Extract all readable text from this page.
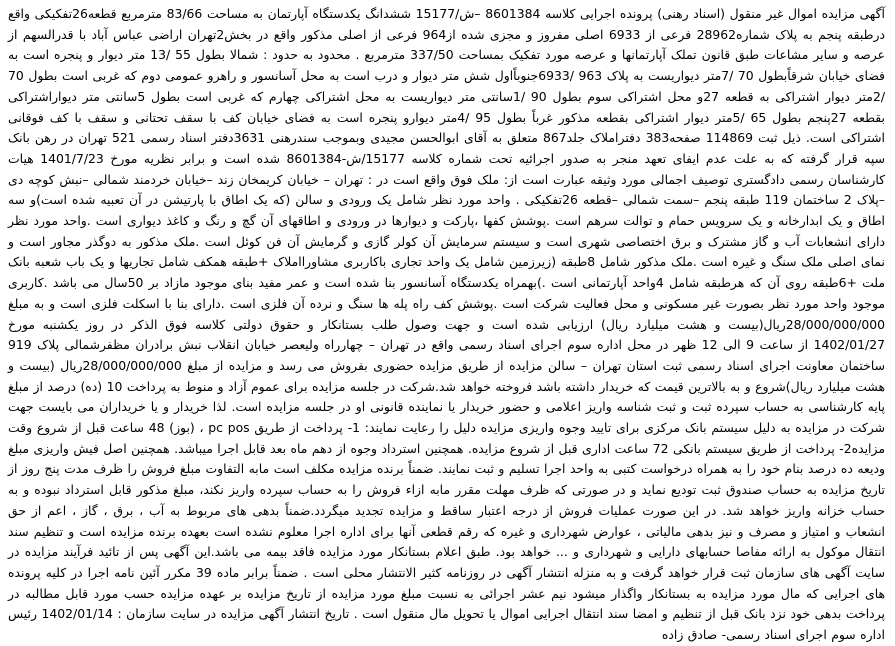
آگهی مزایده اموال غیر منقول (اسناد رهنی) پرونده اجرایی کلاسه 8601384 –ش/15177 ششدانگ یکدستگاه آپارتمان به مساحت 83/66 مترمربع قطعه26تفکیکی واقع درطبقه پنجم به پلاک شماره28962 فرعی از 6933 اصلی مفروز و مجزی شده از964 فرعی از اصلی مذکور واقع در بخش2تهران اراضی عباس آباد با قدرالسهم از عرصه و سایر مشاعات طبق قانون تملک آپارتمانها و عرصه مورد تفکیک بمساحت 337/50 مترمربع . محدود به حدود : شمالا بطول 55 /13 متر دیوار و پنجره است به فضای خیابان شرقاًبطول 70 /7متر دیواریست به پلاک 963 /6933جنوباًاول شش متر دیوار و درب است به محل آسانسور و راهرو عمومی دوم که غربی است بطول 70 /2متر دیوار اشتراکی به قطعه 27و محل اشتراکی سوم بطول 90 /1سانتی متر دیواریست به محل اشتراکی چهارم که غربی است بطول 5سانتی متر دیواراشتراکی بقطعه 27پنجم بطول 65 /5متر دیوار اشتراکی بقطعه مذکور غرباً بطول 95 /4متر دیوارو پنجره است به فضای خیابان کف با سقف تحتانی و سقف با کف فوقانی اشتراکی است. ذیل ثبت 114869 صفحه383 دفتراملاک جلد867 متعلق به آقای ابوالحسن مجیدی وبموجب سندرهنی 3631دفتر اسناد رسمی 521 تهران در رهن بانک سپه قرار گرفته که به علت عدم ایفای تعهد منجر به صدور اجرائیه تحت شماره کلاسه 15177/ش-8601384 شده است و برابر نظریه مورخ 1401/7/23 هیات کارشناسان رسمی دادگستری توصیف اجمالی مورد وثیقه عبارت است از: ملک فوق واقع است در : تهران – خیابان کریمخان زند –خیابان خردمند شمالی –نبش کوچه دی –پلاک 2 ساختمان 119 طبقه پنجم –سمت شمالی –قطعه 26تفکیکی . واحد مورد نظر شامل یک ورودی و سالن (که یک اطاق با پارتیشن در آن تعبیه شده است)و سه اطاق و یک ابدارخانه و یک سرویس حمام و توالت سرهم است .پوشش کفها ،پارکت و دیوارها در ورودی و اطاقهای آن گچ و رنگ و کاغذ دیواری است .واحد مورد نظر دارای انشعابات آب و گاز مشترک و برق اختصاصی شهری است و سیستم سرمایش آن کولر گازی و گرمایش آن فن کوئل است .ملک مذکور به دوگذر مجاور است و نمای اصلی ملک سنگ و غیره است .ملک مذکور شامل 8طبقه (زیرزمین شامل یک واحد تجاری باکاربری مشاورااملاک +طبقه همکف شامل تجاریها و یک باب شعبه بانک ملت +6طبقه روی آن که هرطبقه شامل 4واحد آپارتمانی است .)بهمراه یکدستگاه آسانسور بنا شده است و عمر مفید بنای موجود مازاد بر 50سال می باشد .کاربری موجود واحد مورد نظر بصورت غیر مسکونی و محل فعالیت شرکت است .پوشش کف راه پله ها سنگ و نرده آن فلزی است .دارای بنا با اسکلت فلزی است و به مبلغ 28/000/000/000ریال(بیست و هشت میلیارد ریال) ارزیابی شده است و جهت وصول طلب بستانکار و حقوق دولتی کلاسه فوق الذکر در روز یکشنبه مورخ 1402/01/27 از ساعت 9 الی 12 ظهر در محل اداره سوم اجرای اسناد رسمی واقع در تهران – چهارراه ولیعصر خیابان انقلاب نبش برادران مظفرشمالی پلاک 919 ساختمان معاونت اجرای اسناد رسمی ثبت استان تهران – سالن مزایده از طریق مزایده حضوری بفروش می رسد و مزایده از مبلغ 28/000/000/000ریال (بیست و هشت میلیارد ریال)شروع و به بالاترین قیمت که خریدار داشته باشد فروخته خواهد شد.شرکت در جلسه مزایده برای عموم آزاد و منوط به پرداخت 10 (ده) درصد از مبلغ پایه کارشناسی به حساب سپرده ثبت و ثبت شناسه واریز اعلامی و حضور خریدار یا نماینده قانونی او در جلسه مزایده است. لذا خریدار و یا خریداران می بایست جهت شرکت در مزایده به دلیل سیستم بانک مرکزی برای تایید وجوه واریزی مزایده دلیل را رعایت نمایند: 1- پرداخت از طریق pc pos ، (بوز) 48 ساعت قبل از شروع وقت مزایده2- پرداخت از طریق سیستم بانکی 72 ساعت اداری قبل از شروع مزایده. همچنین استرداد وجوه از دهم ماه بعد قابل اجرا میباشد. همچنین اصل فیش واریزی مبلغ ودیعه ده درصد بنام خود را به همراه درخواست کتبی به واحد اجرا تسلیم و ثبت نمایند. ضمناً برنده مزایده مکلف است مابه التفاوت مبلغ فروش را ظرف مدت پنج روز از تاریخ مزایده به حساب صندوق ثبت تودیع نماید و در صورتی که ظرف مهلت مقرر مابه ازاء فروش را به حساب سپرده واریز نکند، مبلغ مذکور قابل استرداد نبوده و به حساب خزانه واریز خواهد شد. در این صورت عملیات فروش از درجه اعتبار ساقط و مزایده تجدید میگردد.ضمناً بدهی های مربوط به آب ، برق ، گاز ، اعم از حق انشعاب و امتیاز و مصرف و نیز بدهی مالیاتی ، عوارض شهرداری و غیره که رقم قطعی آنها برای اداره اجرا معلوم نشده است بعهده برنده مزایده است و تنظیم سند انتقال موکول به ارائه مفاصا حسابهای دارایی و شهرداری و ... خواهد بود. طبق اعلام بستانکار مورد مزایده فاقد بیمه می باشد.این آگهی پس از تائید فرآیند مزایده در سایت آگهی های سازمان ثبت قرار خواهد گرفت و به منزله انتشار آگهی در روزنامه کثیر الانتشار محلی است . ضمناً برابر ماده 39 مکرر آئین نامه اجرا در کلیه پرونده های اجرایی که مال مورد مزایده به بستانکار واگذار میشود نیم عشر اجرائی به نسبت مبلغ مورد مزایده از تاریخ مزایده بر عهده مزایده حسب مورد قابل مطالبه در پرداخت بدهی خود نزد بانک قبل از تنظیم و امضا سند انتقال اجرایی اموال یا تحویل مال منقول است . تاریخ انتشار آگهی مزایده در سایت سازمان : 1402/01/14 رئیس اداره سوم اجرای اسناد رسمی- صادق زاده
